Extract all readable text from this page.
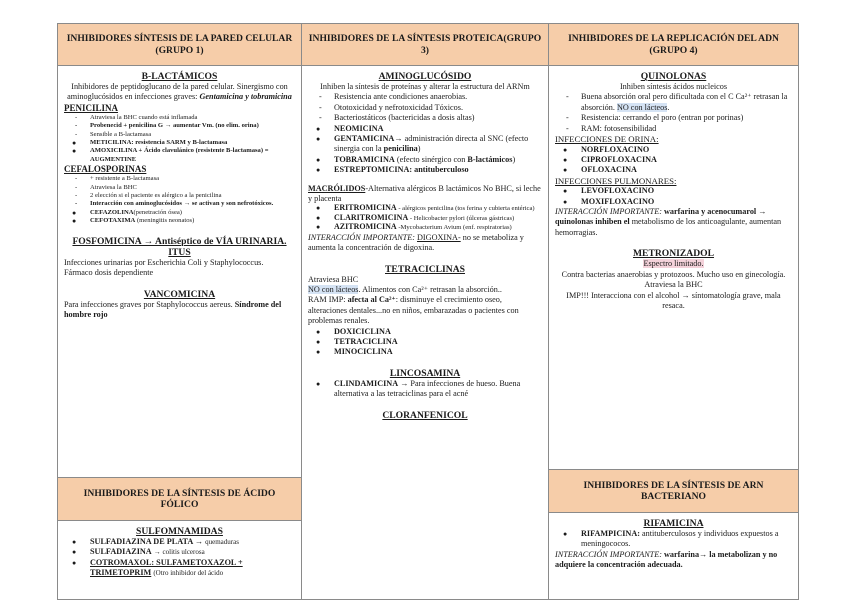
INHIBIDORES SÍNTESIS DE LA PARED CELULAR (GRUPO 1)
B-LACTÁMICOS
Inhibidores de peptidoglucano de la pared celular. Sinergismo con aminoglucósidos en infecciones graves: Gentamicina y tobramicina
PENICILINA
- Atraviesa la BHC cuando está inflamada
- Probenecid + penicilina G → aumentar Vm. (no elim. orina)
- Sensible a B-lactamasa
● METICILINA: resistencia SARM y B-lactamasa
● AMOXICILINA + Ácido clavulánico (resistente B-lactamasa) = AUGMENTINE
CEFALOSPORINAS
- + resistente a B-lactamasa
- Atraviesa la BHC
- 2 elección si el paciente es alérgico a la penicilina
- Interacción con aminoglucósidos → se activan y son nefrotóxicos.
● CEFAZOLINA(penetración ósea)
● CEFOTAXIMA (meningitis neonatos)
FOSFOMICINA → Antiséptico de VÍA URINARIA. ITUS
Infecciones urinarias por Escherichia Coli y Staphylococcus.
Fármaco dosis dependiente
VANCOMICINA
Para infecciones graves por Staphylococcus aereus. Síndrome del hombre rojo
INHIBIDORES DE LA SÍNTESIS DE ÁCIDO FÓLICO
SULFOMNAMIDAS
● SULFADIAZINA DE PLATA → quemaduras
● SULFADIAZINA → colitis ulcerosa
● COTROMAXOL: SULFAMETOXAZOL + TRIMETOPRIM (Otro inhibidor del ácido
INHIBIDORES DE LA SÍNTESIS PROTEICA(GRUPO 3)
AMINOGLUCÓSIDO
Inhiben la síntesis de proteínas y alterar la estructura del ARNm
- Resistencia ante condiciones anaerobias.
- Ototoxicidad y nefrotoxicidad Tóxicos.
- Bacteriostáticos (bactericidas a dosis altas)
● NEOMICINA
● GENTAMICINA→ administración directa al SNC (efecto sinergia con la penicilina)
● TOBRAMICINA (efecto sinérgico con B-lactámicos)
● ESTREPTOMICINA: antituberculoso
MACRÓLIDOS-Alternativa alérgicos B lactámicos No BHC, si leche y placenta
● ERITROMICINA - alérgicos penicilina (tos ferina y cubierta entérica)
● CLARITROMICINA - Helicobacter pylori (úlceras gástricas)
● AZITROMICINA -Mycobacterium Avium (enf. respiratorias)
INTERACCIÓN IMPORTANTE: DIGOXINA- no se metaboliza y aumenta la concentración de digoxina.
TETRACICLINAS
Atraviesa BHC
NO con lácteos. Alimentos con Ca²⁺ retrasan la absorción..
RAM IMP: afecta al Ca²⁺: disminuye el crecimiento oseo, alteraciones dentales...no en niños, embarazadas o pacientes con problemas renales.
● DOXICICLINA
● TETRACICLINA
● MINOCICLINA
LINCOSAMINA
● CLINDAMICINA → Para infecciones de hueso. Buena alternativa a las tetraciclinas para el acné
CLORANFENICOL
INHIBIDORES DE LA REPLICACIÓN DEL ADN (GRUPO 4)
QUINOLONAS
Inhiben síntesis ácidos nucleicos
- Buena absorción oral pero dificultada con el C Ca²⁺ retrasan la absorción. NO con lácteos.
- Resistencia: cerrando el poro (entran por porinas)
- RAM: fotosensibilidad
INFECCIONES DE ORINA:
● NORFLOXACINO
● CIPROFLOXACINA
● OFLOXACINA
INFECCIONES PULMONARES:
● LEVOFLOXACINO
● MOXIFLOXACINO
INTERACCIÓN IMPORTANTE: warfarina y acenocumarol → quinolonas inhiben el metabolismo de los anticoagulante, aumentan hemorragias.
METRONIZADOL
Espectro limitado.
Contra bacterias anaerobias y protozoos. Mucho uso en ginecología.
Atraviesa la BHC
IMP!!! Interacciona con el alcohol → síntomatología grave, mala resaca.
INHIBIDORES DE LA SÍNTESIS DE ARN BACTERIANO
RIFAMICINA
● RIFAMPICINA: antituberculosos y individuos expuestos a meningococos.
INTERACCIÓN IMPORTANTE: warfarina→ la metabolizan y no adquiere la concentración adecuada.
